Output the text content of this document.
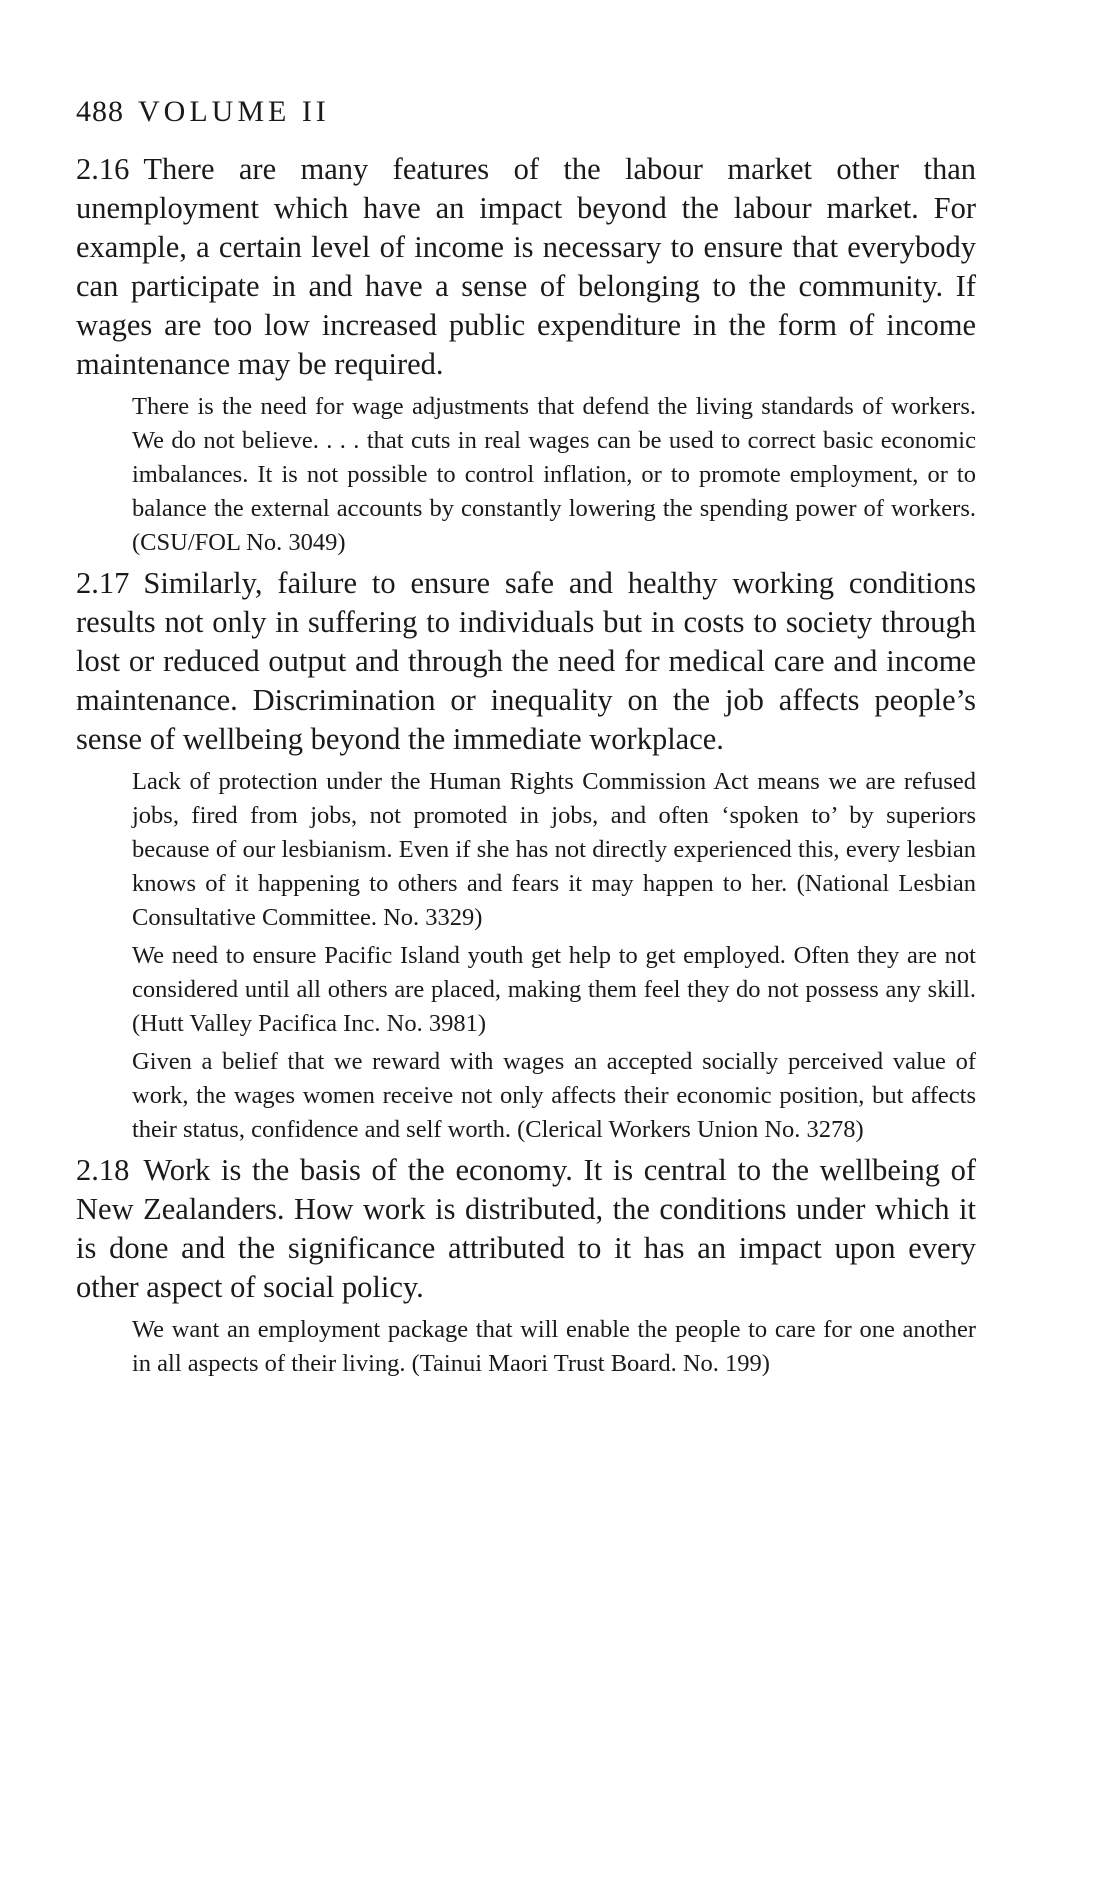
488 VOLUME II

2.16 There are many features of the labour market other than unemployment which have an impact beyond the labour market. For example, a certain level of income is necessary to ensure that everybody can participate in and have a sense of belonging to the community. If wages are too low increased public expenditure in the form of income maintenance may be required.

There is the need for wage adjustments that defend the living standards of workers. We do not believe. . . . that cuts in real wages can be used to correct basic economic imbalances. It is not possible to control inflation, or to promote employment, or to balance the external accounts by constantly lowering the spending power of workers. (CSU/FOL No. 3049)

2.17 Similarly, failure to ensure safe and healthy working conditions results not only in suffering to individuals but in costs to society through lost or reduced output and through the need for medical care and income maintenance. Discrimination or inequality on the job affects people’s sense of wellbeing beyond the immediate workplace.

Lack of protection under the Human Rights Commission Act means we are refused jobs, fired from jobs, not promoted in jobs, and often ‘spoken to’ by superiors because of our lesbianism. Even if she has not directly experienced this, every lesbian knows of it happening to others and fears it may happen to her. (National Lesbian Consultative Committee. No. 3329)

We need to ensure Pacific Island youth get help to get employed. Often they are not considered until all others are placed, making them feel they do not possess any skill. (Hutt Valley Pacifica Inc. No. 3981)

Given a belief that we reward with wages an accepted socially perceived value of work, the wages women receive not only affects their economic position, but affects their status, confidence and self worth. (Clerical Workers Union No. 3278)

2.18 Work is the basis of the economy. It is central to the wellbeing of New Zealanders. How work is distributed, the conditions under which it is done and the significance attributed to it has an impact upon every other aspect of social policy.

We want an employment package that will enable the people to care for one another in all aspects of their living. (Tainui Maori Trust Board. No. 199)
